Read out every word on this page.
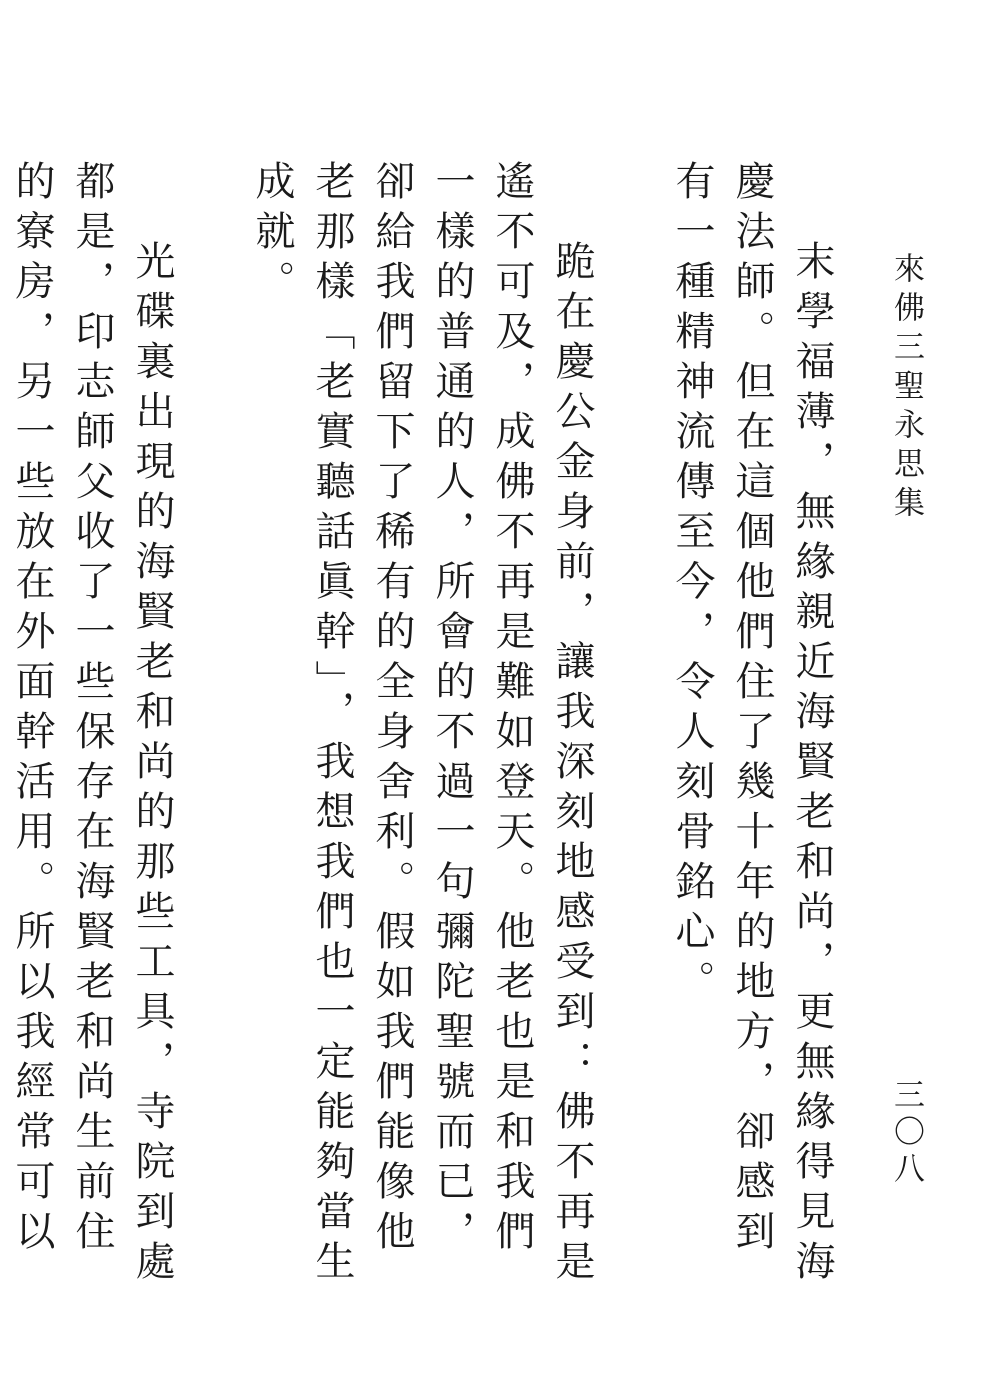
來佛三聖永思集
三〇八

末學福薄，無緣親近海賢老和尚，更無緣得見海慶法師。但在這個他們住了幾十年的地方，卻感到有一種精神流傳至今，令人刻骨銘心。

跪在慶公金身前，讓我深刻地感受到：佛不再是遙不可及，成佛不再是難如登天。他老也是和我們一樣的普通的人，所會的不過一句彌陀聖號而已，卻給我們留下了稀有的全身舍利。假如我們能像他老那樣「老實聽話眞幹」，我想我們也一定能夠當生成就。

光碟裏出現的海賢老和尚的那些工具，寺院到處都是，印志師父收了一些保存在海賢老和尚生前住的寮房，另一些放在外面幹活用。所以我經常可以
